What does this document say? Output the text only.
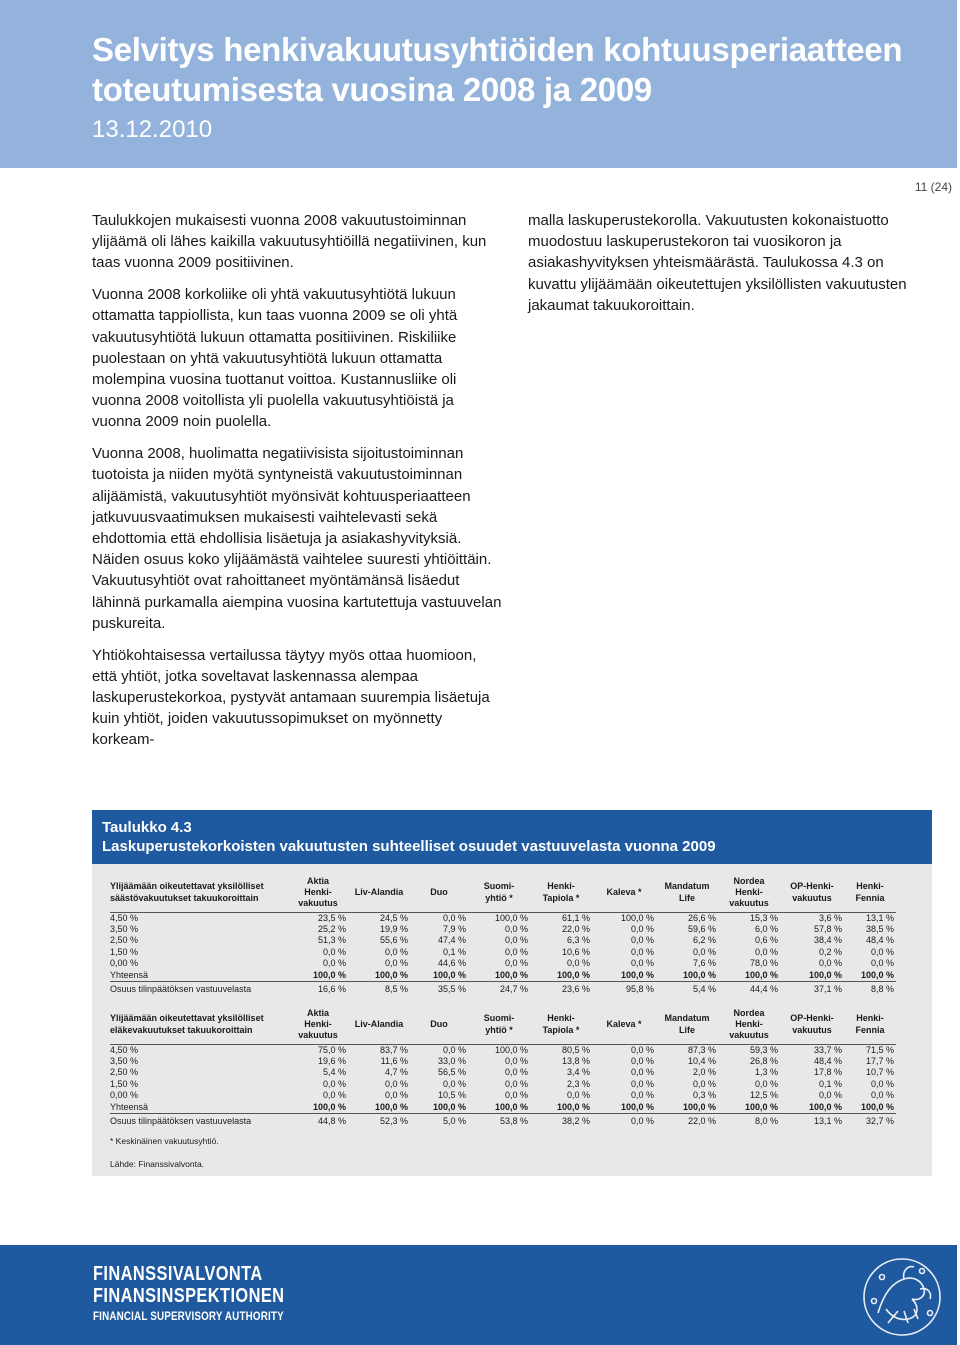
Selvitys henkivakuutusyhtiöiden kohtuusperiaatteen
toteutumisesta vuosina 2008 ja 2009
13.12.2010
11 (24)

Taulukkojen mukaisesti vuonna 2008 vakuutustoiminnan ylijäämä oli lähes kaikilla vakuutusyhtiöillä negatiivinen, kun taas vuonna 2009 positiivinen.

Vuonna 2008 korkoliike oli yhtä vakuutusyhtiötä lukuun ottamatta tappiollista, kun taas vuonna 2009 se oli yhtä vakuutusyhtiötä lukuun ottamatta positiivinen. Riskiliike puolestaan on yhtä vakuutusyhtiötä lukuun ottamatta molempina vuosina tuottanut voittoa. Kustannusliike oli vuonna 2008 voitollista yli puolella vakuutusyhtiöistä ja vuonna 2009 noin puolella.

Vuonna 2008, huolimatta negatiivisista sijoitustoiminnan tuotoista ja niiden myötä syntyneistä vakuutustoiminnan alijäämistä, vakuutusyhtiöt myönsivät kohtuusperiaatteen jatkuvuusvaatimuksen mukaisesti vaihtelevasti sekä ehdottomia että ehdollisia lisäetuja ja asiakashyvityksiä. Näiden osuus koko ylijäämästä vaihtelee suuresti yhtiöittäin. Vakuutusyhtiöt ovat rahoittaneet myöntämänsä lisäedut lähinnä purkamalla aiempina vuosina kartutettuja vastuuvelan puskureita.

Yhtiökohtaisessa vertailussa täytyy myös ottaa huomioon, että yhtiöt, jotka soveltavat laskennassa alempaa laskuperustekorkoa, pystyvät antamaan suurempia lisäetuja kuin yhtiöt, joiden vakuutussopimukset on myönnetty korkeam-

malla laskuperustekorolla. Vakuutusten kokonaistuotto muodostuu laskuperustekoron tai vuosikoron ja asiakashyvityksen yhteismäärästä. Taulukossa 4.3 on kuvattu ylijäämään oikeutettujen yksilöllisten vakuutusten jakaumat takuukoroittain.

Taulukko 4.3
Laskuperustekorkoisten vakuutusten suhteelliset osuudet vastuuvelasta vuonna 2009
Ylijäämään oikeutettavat yksilölliset
säästövakuutukset takuukoroittain	Aktia Henki-vakuutus	Liv-Alandia	Duo	Suomi-yhtiö *	Henki-Tapiola *	Kaleva *	Mandatum Life	Nordea Henki-vakuutus	OP-Henki-vakuutus	Henki-Fennia
4,50 %	23,5 %	24,5 %	0,0 %	100,0 %	61,1 %	100,0 %	26,6 %	15,3 %	3,6 %	13,1 %
3,50 %	25,2 %	19,9 %	7,9 %	0,0 %	22,0 %	0,0 %	59,6 %	6,0 %	57,8 %	38,5 %
2,50 %	51,3 %	55,6 %	47,4 %	0,0 %	6,3 %	0,0 %	6,2 %	0,6 %	38,4 %	48,4 %
1,50 %	0,0 %	0,0 %	0,1 %	0,0 %	10,6 %	0,0 %	0,0 %	0,0 %	0,2 %	0,0 %
0,00 %	0,0 %	0,0 %	44,6 %	0,0 %	0,0 %	0,0 %	7,6 %	78,0 %	0,0 %	0,0 %
Yhteensä	100,0 %	100,0 %	100,0 %	100,0 %	100,0 %	100,0 %	100,0 %	100,0 %	100,0 %	100,0 %
Osuus tilinpäätöksen vastuuvelasta	16,6 %	8,5 %	35,5 %	24,7 %	23,6 %	95,8 %	5,4 %	44,4 %	37,1 %	8,8 %
Ylijäämään oikeutettavat yksilölliset
eläkevakuutukset takuukoroittain	Aktia Henki-vakuutus	Liv-Alandia	Duo	Suomi-yhtiö *	Henki-Tapiola *	Kaleva *	Mandatum Life	Nordea Henki-vakuutus	OP-Henki-vakuutus	Henki-Fennia
4,50 %	75,0 %	83,7 %	0,0 %	100,0 %	80,5 %	0,0 %	87,3 %	59,3 %	33,7 %	71,5 %
3,50 %	19,6 %	11,6 %	33,0 %	0,0 %	13,8 %	0,0 %	10,4 %	26,8 %	48,4 %	17,7 %
2,50 %	5,4 %	4,7 %	56,5 %	0,0 %	3,4 %	0,0 %	2,0 %	1,3 %	17,8 %	10,7 %
1,50 %	0,0 %	0,0 %	0,0 %	0,0 %	2,3 %	0,0 %	0,0 %	0,0 %	0,1 %	0,0 %
0,00 %	0,0 %	0,0 %	10,5 %	0,0 %	0,0 %	0,0 %	0,3 %	12,5 %	0,0 %	0,0 %
Yhteensä	100,0 %	100,0 %	100,0 %	100,0 %	100,0 %	100,0 %	100,0 %	100,0 %	100,0 %	100,0 %
Osuus tilinpäätöksen vastuuvelasta	44,8 %	52,3 %	5,0 %	53,8 %	38,2 %	0,0 %	22,0 %	8,0 %	13,1 %	32,7 %
* Keskinäinen vakuutusyhtiö.
Lähde: Finanssivalvonta.
FINANSSIVALVONTA
FINANSINSPEKTIONEN
FINANCIAL SUPERVISORY AUTHORITY
